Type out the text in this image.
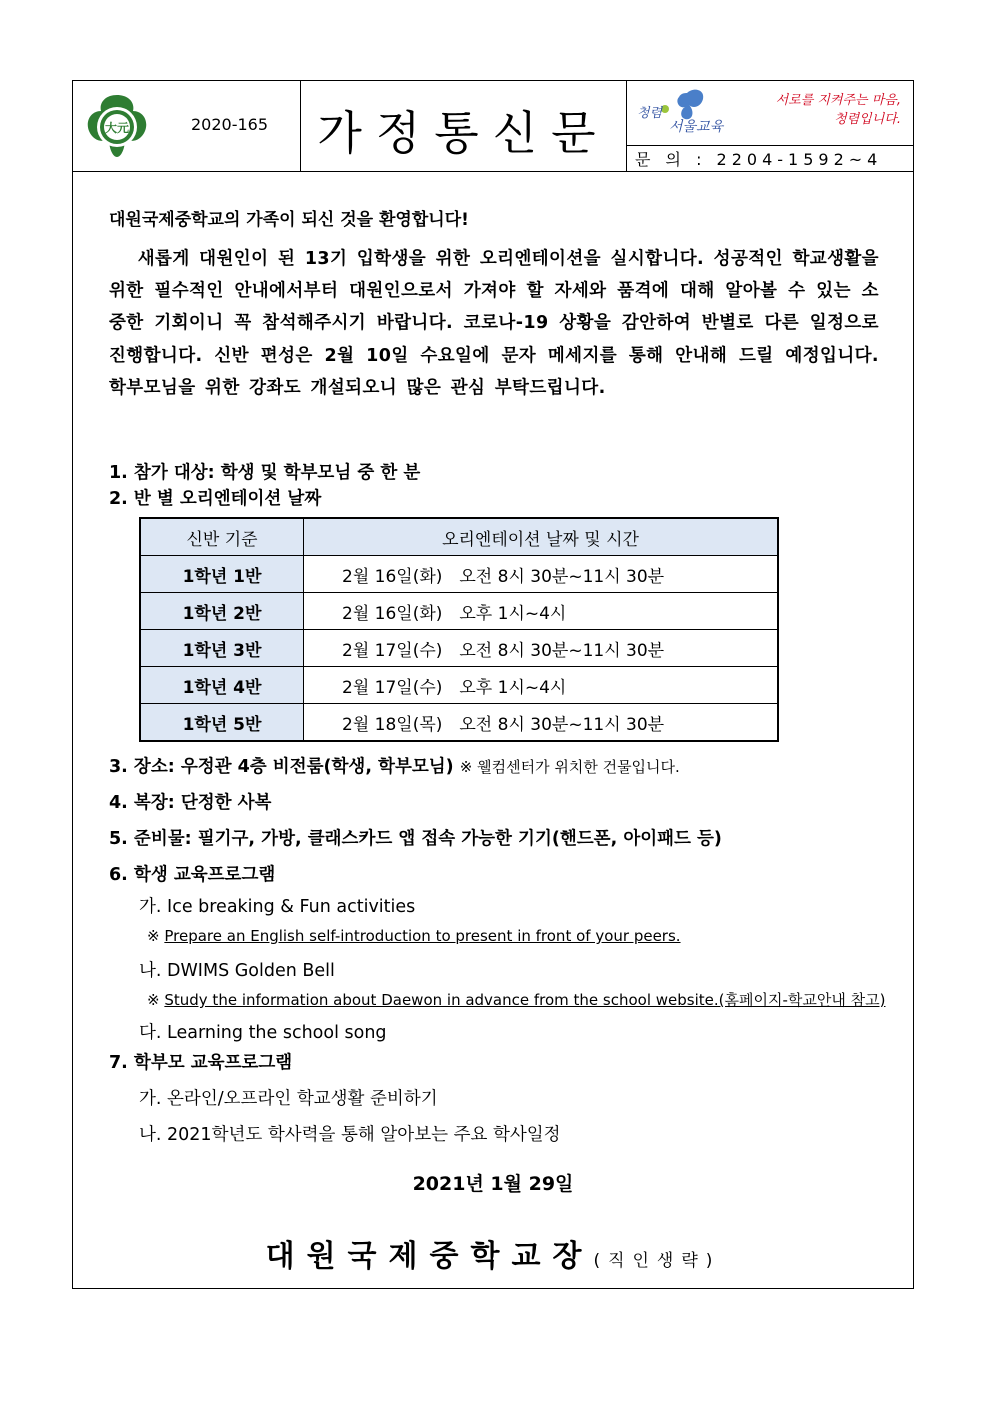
大元	2020-165	가정통신문	청렴
서울교육
서로를 지켜주는 마음,
청렴입니다.
문 의 : 2204-1592~4
대원국제중학교의 가족이 되신 것을 환영합니다!
새롭게 대원인이 된 13기 입학생을 위한 오리엔테이션을 실시합니다. 성공적인 학교생활을 위한 필수적인 안내에서부터 대원인으로서 가져야 할 자세와 품격에 대해 알아볼 수 있는 소중한 기회이니 꼭 참석해주시기 바랍니다. 코로나-19 상황을 감안하여 반별로 다른 일정으로 진행합니다. 신반 편성은 2월 10일 수요일에 문자 메세지를 통해 안내해 드릴 예정입니다. 학부모님을 위한 강좌도 개설되오니 많은 관심 부탁드립니다.
1. 참가 대상: 학생 및 학부모님 중 한 분
2. 반 별 오리엔테이션 날짜
신반 기준	오리엔테이션 날짜 및 시간
1학년 1반	2월 16일(화)　오전 8시 30분~11시 30분
1학년 2반	2월 16일(화)　오후 1시~4시
1학년 3반	2월 17일(수)　오전 8시 30분~11시 30분
1학년 4반	2월 17일(수)　오후 1시~4시
1학년 5반	2월 18일(목)　오전 8시 30분~11시 30분
3. 장소: 우정관 4층 비전룸(학생, 학부모님) ※ 웰컴센터가 위치한 건물입니다.
4. 복장: 단정한 사복
5. 준비물: 필기구, 가방, 클래스카드 앱 접속 가능한 기기(핸드폰, 아이패드 등)
6. 학생 교육프로그램
가. Ice breaking & Fun activities
※ Prepare an English self-introduction to present in front of your peers.
나. DWIMS Golden Bell
※ Study the information about Daewon in advance from the school website.(홈페이지-학교안내 참고)
다. Learning the school song
7. 학부모 교육프로그램
가. 온라인/오프라인 학교생활 준비하기
나. 2021학년도 학사력을 통해 알아보는 주요 학사일정
2021년 1월 29일
대원국제중학교장(직인생략)
